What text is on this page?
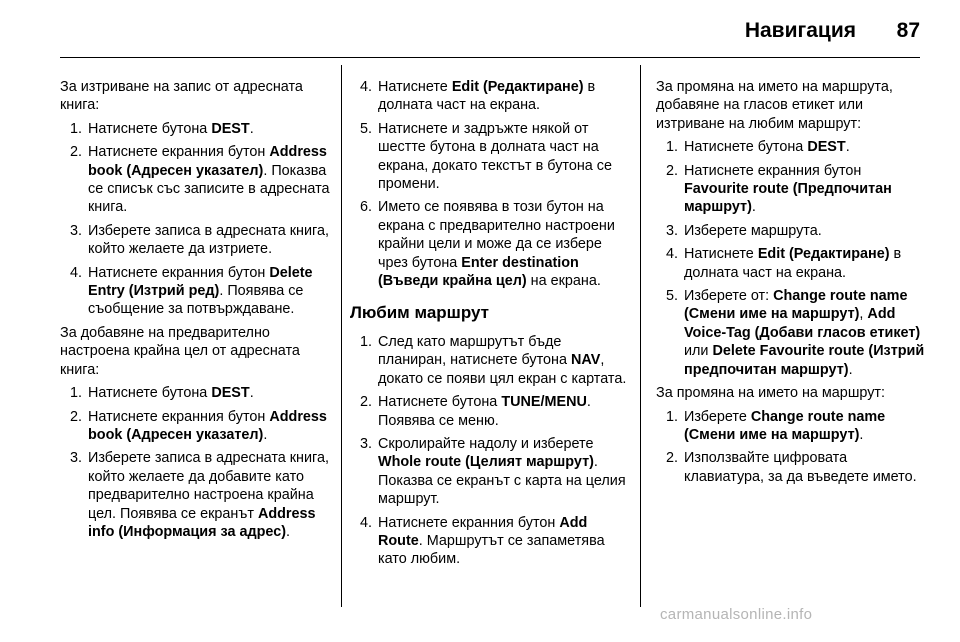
Навигация 87

За изтриване на запис от адресната книга:

1. Натиснете бутона DEST.
2. Натиснете екранния бутон Address book (Адресен указател). Показва се списък със записите в адресната книга.
3. Изберете записа в адресната книга, който желаете да изтриете.
4. Натиснете екранния бутон Delete Entry (Изтрий ред). Появява се съобщение за потвърждаване.

За добавяне на предварително настроена крайна цел от адресната книга:

1. Натиснете бутона DEST.
2. Натиснете екранния бутон Address book (Адресен указател).
3. Изберете записа в адресната книга, който желаете да добавите като предварително настроена крайна цел. Появява се екранът Address info (Информация за адрес).
4. Натиснете Edit (Редактиране) в долната част на екрана.
5. Натиснете и задръжте някой от шестте бутона в долната част на екрана, докато текстът в бутона се промени.
6. Името се появява в този бутон на екрана с предварително настроени крайни цели и може да се избере чрез бутона Enter destination (Въведи крайна цел) на екрана.
Любим маршрут
1. След като маршрутът бъде планиран, натиснете бутона NAV, докато се появи цял екран с картата.
2. Натиснете бутона TUNE/MENU. Появява се меню.
3. Скролирайте надолу и изберете Whole route (Целият маршрут). Показва се екранът с карта на целия маршрут.
4. Натиснете екранния бутон Add Route. Маршрутът се запаметява като любим.

За промяна на името на маршрута, добавяне на гласов етикет или изтриване на любим маршрут:

1. Натиснете бутона DEST.
2. Натиснете екранния бутон Favourite route (Предпочитан маршрут).
3. Изберете маршрута.
4. Натиснете Edit (Редактиране) в долната част на екрана.
5. Изберете от: Change route name (Смени име на маршрут), Add Voice-Tag (Добави гласов етикет) или Delete Favourite route (Изтрий предпочитан маршрут).

За промяна на името на маршрут:

1. Изберете Change route name (Смени име на маршрут).
2. Използвайте цифровата клавиатура, за да въведете името.
carmanualsonline.info
